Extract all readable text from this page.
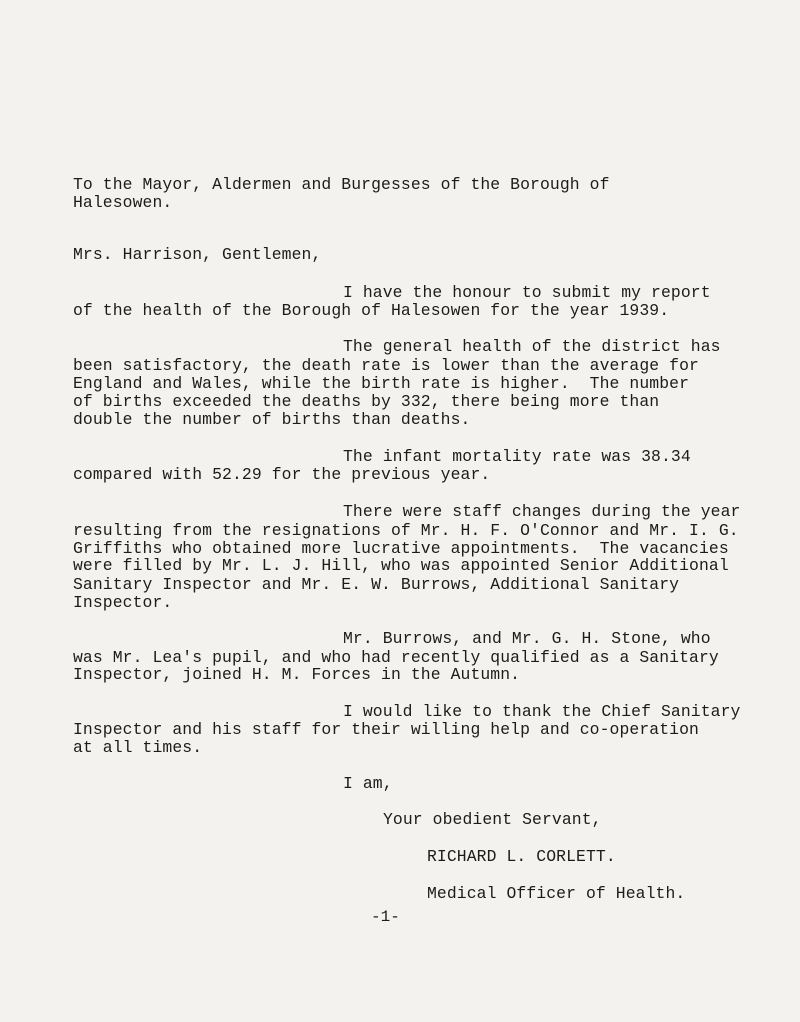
To the Mayor, Aldermen and Burgesses of the Borough of
Halesowen.
Mrs. Harrison, Gentlemen,
I have the honour to submit my report
of the health of the Borough of Halesowen for the year 1939.
The general health of the district has
been satisfactory, the death rate is lower than the average for
England and Wales, while the birth rate is higher.  The number
of births exceeded the deaths by 332, there being more than
double the number of births than deaths.
The infant mortality rate was 38.34
compared with 52.29 for the previous year.
There were staff changes during the year
resulting from the resignations of Mr. H. F. O'Connor and Mr. I. G.
Griffiths who obtained more lucrative appointments.  The vacancies
were filled by Mr. L. J. Hill, who was appointed Senior Additional
Sanitary Inspector and Mr. E. W. Burrows, Additional Sanitary
Inspector.
Mr. Burrows, and Mr. G. H. Stone, who
was Mr. Lea's pupil, and who had recently qualified as a Sanitary
Inspector, joined H. M. Forces in the Autumn.
I would like to thank the Chief Sanitary
Inspector and his staff for their willing help and co-operation
at all times.
I am,
Your obedient Servant,
RICHARD L. CORLETT.
Medical Officer of Health.
-1-
